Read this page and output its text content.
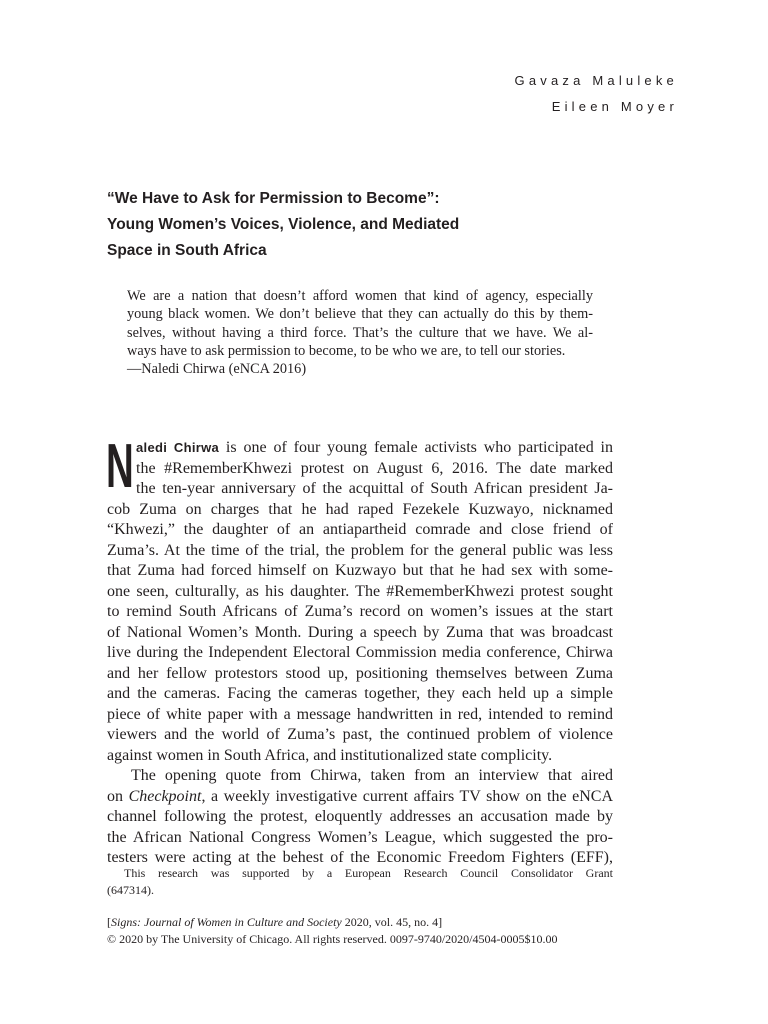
Gavaza Maluleke
Eileen Moyer
“We Have to Ask for Permission to Become”:
Young Women’s Voices, Violence, and Mediated
Space in South Africa
We are a nation that doesn’t afford women that kind of agency, especially
young black women. We don’t believe that they can actually do this by them-
selves, without having a third force. That’s the culture that we have. We al-
ways have to ask permission to become, to be who we are, to tell our stories.
—Naledi Chirwa (eNCA 2016)
N aledi Chirwa is one of four young female activists who participated in
the #RememberKhwezi protest on August 6, 2016. The date marked
the ten-year anniversary of the acquittal of South African president Ja-
cob Zuma on charges that he had raped Fezekele Kuzwayo, nicknamed
“Khwezi,” the daughter of an antiapartheid comrade and close friend of
Zuma’s. At the time of the trial, the problem for the general public was less
that Zuma had forced himself on Kuzwayo but that he had sex with some-
one seen, culturally, as his daughter. The #RememberKhwezi protest sought
to remind South Africans of Zuma’s record on women’s issues at the start
of National Women’s Month. During a speech by Zuma that was broadcast
live during the Independent Electoral Commission media conference, Chirwa
and her fellow protestors stood up, positioning themselves between Zuma
and the cameras. Facing the cameras together, they each held up a simple
piece of white paper with a message handwritten in red, intended to remind
viewers and the world of Zuma’s past, the continued problem of violence
against women in South Africa, and institutionalized state complicity.
The opening quote from Chirwa, taken from an interview that aired
on Checkpoint, a weekly investigative current affairs TV show on the eNCA
channel following the protest, eloquently addresses an accusation made by
the African National Congress Women’s League, which suggested the pro-
testers were acting at the behest of the Economic Freedom Fighters (EFF),
This research was supported by a European Research Council Consolidator Grant
(647314).
[Signs: Journal of Women in Culture and Society 2020, vol. 45, no. 4]
© 2020 by The University of Chicago. All rights reserved. 0097-9740/2020/4504-0005$10.00
